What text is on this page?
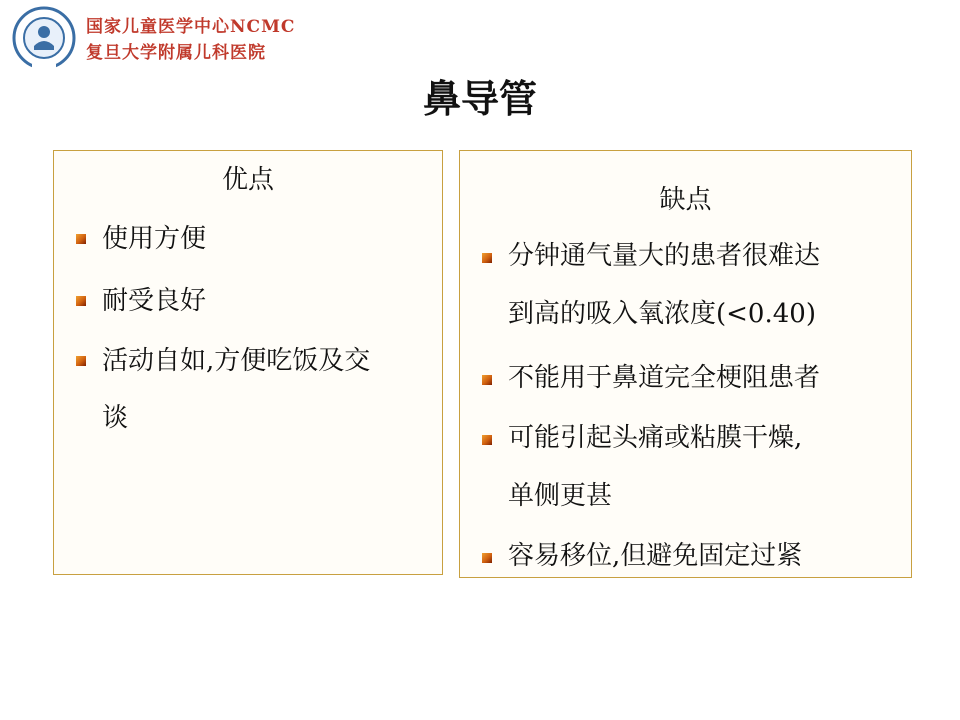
国家儿童医学中心NCMC
复旦大学附属儿科医院
鼻导管
优点
使用方便
耐受良好
活动自如,方便吃饭及交
谈
缺点
分钟通气量大的患者很难达
到高的吸入氧浓度(<0.40)
不能用于鼻道完全梗阻患者
可能引起头痛或粘膜干燥,
单侧更甚
容易移位,但避免固定过紧
